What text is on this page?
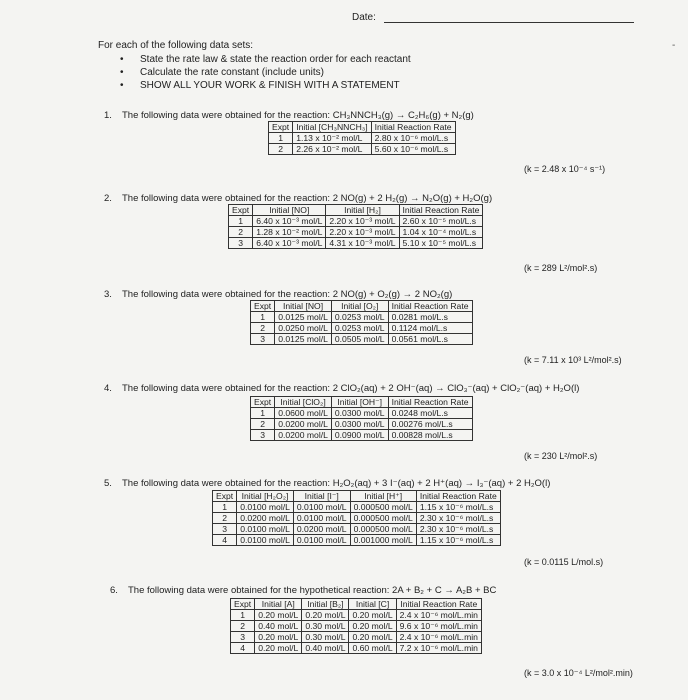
Date:
-
For each of the following data sets:
• State the rate law & state the reaction order for each reactant
• Calculate the rate constant (include units)
• SHOW ALL YOUR WORK & FINISH WITH A STATEMENT
1. The following data were obtained for the reaction: CH₃NNCH₃(g) → C₂H₆(g) + N₂(g)
Expt	Initial [CH₃NNCH₃]	Initial Reaction Rate
1	1.13 x 10⁻² mol/L	2.80 x 10⁻⁶ mol/L.s
2	2.26 x 10⁻² mol/L	5.60 x 10⁻⁶ mol/L.s
(k = 2.48 x 10⁻⁴ s⁻¹)
2. The following data were obtained for the reaction: 2 NO(g) + 2 H₂(g) → N₂O(g) + H₂O(g)
Expt	Initial [NO]	Initial [H₂]	Initial Reaction Rate
1	6.40 x 10⁻³ mol/L	2.20 x 10⁻³ mol/L	2.60 x 10⁻⁵ mol/L.s
2	1.28 x 10⁻² mol/L	2.20 x 10⁻³ mol/L	1.04 x 10⁻⁴ mol/L.s
3	6.40 x 10⁻³ mol/L	4.31 x 10⁻³ mol/L	5.10 x 10⁻⁵ mol/L.s
(k = 289 L²/mol².s)
3. The following data were obtained for the reaction: 2 NO(g) + O₂(g) → 2 NO₂(g)
Expt	Initial [NO]	Initial [O₂]	Initial Reaction Rate
1	0.0125 mol/L	0.0253 mol/L	0.0281 mol/L.s
2	0.0250 mol/L	0.0253 mol/L	0.1124 mol/L.s
3	0.0125 mol/L	0.0505 mol/L	0.0561 mol/L.s
(k = 7.11 x 10³ L²/mol².s)
4. The following data were obtained for the reaction: 2 ClO₂(aq) + 2 OH⁻(aq) → ClO₃⁻(aq) + ClO₂⁻(aq) + H₂O(l)
Expt	Initial [ClO₂]	Initial [OH⁻]	Initial Reaction Rate
1	0.0600 mol/L	0.0300 mol/L	0.0248 mol/L.s
2	0.0200 mol/L	0.0300 mol/L	0.00276 mol/L.s
3	0.0200 mol/L	0.0900 mol/L	0.00828 mol/L.s
(k = 230 L²/mol².s)
5. The following data were obtained for the reaction: H₂O₂(aq) + 3 I⁻(aq) + 2 H⁺(aq) → I₃⁻(aq) + 2 H₂O(l)
Expt	Initial [H₂O₂]	Initial [I⁻]	Initial [H⁺]	Initial Reaction Rate
1	0.0100 mol/L	0.0100 mol/L	0.000500 mol/L	1.15 x 10⁻⁶ mol/L.s
2	0.0200 mol/L	0.0100 mol/L	0.000500 mol/L	2.30 x 10⁻⁶ mol/L.s
3	0.0100 mol/L	0.0200 mol/L	0.000500 mol/L	2.30 x 10⁻⁶ mol/L.s
4	0.0100 mol/L	0.0100 mol/L	0.001000 mol/L	1.15 x 10⁻⁶ mol/L.s
(k = 0.0115 L/mol.s)
6. The following data were obtained for the hypothetical reaction: 2A + B₂ + C → A₂B + BC
Expt	Initial [A]	Initial [B₂]	Initial [C]	Initial Reaction Rate
1	0.20 mol/L	0.20 mol/L	0.20 mol/L	2.4 x 10⁻⁶ mol/L.min
2	0.40 mol/L	0.30 mol/L	0.20 mol/L	9.6 x 10⁻⁶ mol/L.min
3	0.20 mol/L	0.30 mol/L	0.20 mol/L	2.4 x 10⁻⁶ mol/L.min
4	0.20 mol/L	0.40 mol/L	0.60 mol/L	7.2 x 10⁻⁶ mol/L.min
(k = 3.0 x 10⁻⁴ L²/mol².min)
